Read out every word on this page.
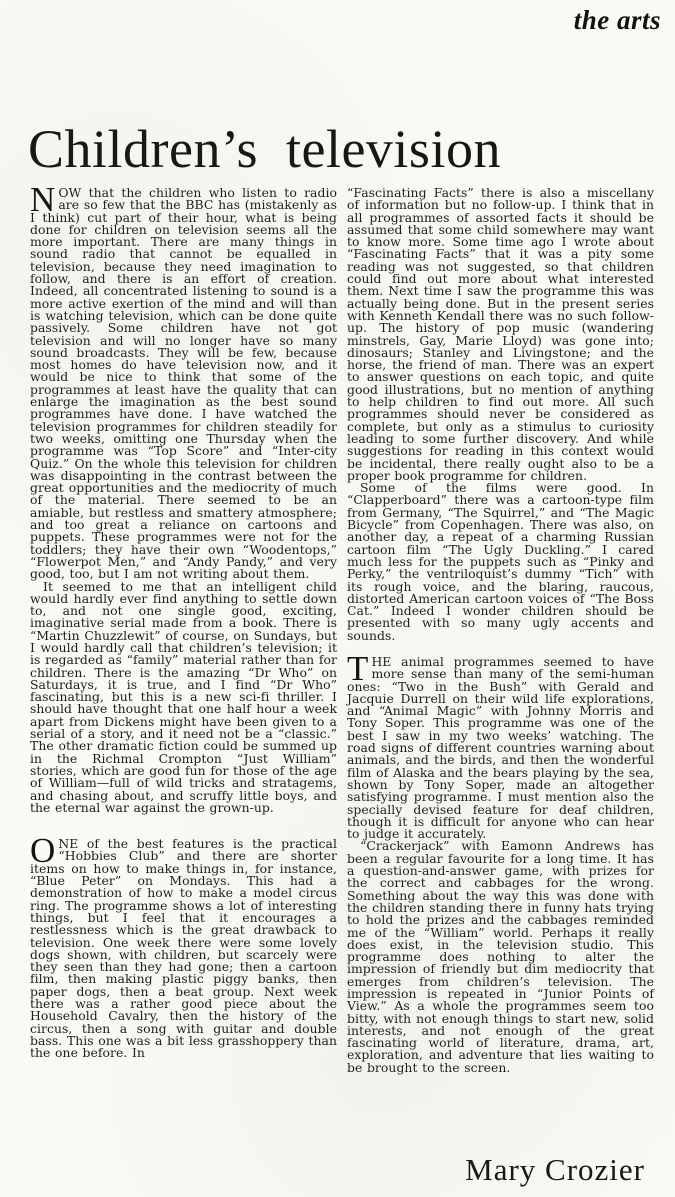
the arts
Children’s television

NOW that the children who listen to radio are so few that the BBC has (mistakenly as I think) cut part of their hour, what is being done for children on television seems all the more important. There are many things in sound radio that cannot be equalled in television, because they need imagination to follow, and there is an effort of creation. Indeed, all concentrated listening to sound is a more active exertion of the mind and will than is watching television, which can be done quite passively. Some children have not got television and will no longer have so many sound broadcasts. They will be few, because most homes do have television now, and it would be nice to think that some of the programmes at least have the quality that can enlarge the imagination as the best sound programmes have done. I have watched the television programmes for children steadily for two weeks, omitting one Thursday when the programme was “Top Score” and “Inter-city Quiz.” On the whole this television for children was disappointing in the contrast between the great opportunities and the mediocrity of much of the material. There seemed to be an amiable, but restless and smattery atmosphere; and too great a reliance on cartoons and puppets. These programmes were not for the toddlers; they have their own “Woodentops,” “Flowerpot Men,” and “Andy Pandy,” and very good, too, but I am not writing about them.

It seemed to me that an intelligent child would hardly ever find anything to settle down to, and not one single good, exciting, imaginative serial made from a book. There is “Martin Chuzzlewit” of course, on Sundays, but I would hardly call that children’s television; it is regarded as “family” material rather than for children. There is the amazing “Dr Who” on Saturdays, it is true, and I find “Dr Who” fascinating, but this is a new sci-fi thriller. I should have thought that one half hour a week apart from Dickens might have been given to a serial of a story, and it need not be a “classic.” The other dramatic fiction could be summed up in the Richmal Crompton “Just William” stories, which are good fun for those of the age of William—full of wild tricks and stratagems, and chasing about, and scruffy little boys, and the eternal war against the grown-up.

ONE of the best features is the practical “Hobbies Club” and there are shorter items on how to make things in, for instance, “Blue Peter” on Mondays. This had a demonstration of how to make a model circus ring. The programme shows a lot of interesting things, but I feel that it encourages a restlessness which is the great drawback to television. One week there were some lovely dogs shown, with children, but scarcely were they seen than they had gone; then a cartoon film, then making plastic piggy banks, then paper dogs, then a beat group. Next week there was a rather good piece about the Household Cavalry, then the history of the circus, then a song with guitar and double bass. This one was a bit less grasshoppery than the one before. In

“Fascinating Facts” there is also a miscellany of information but no follow-up. I think that in all programmes of assorted facts it should be assumed that some child somewhere may want to know more. Some time ago I wrote about “Fascinating Facts” that it was a pity some reading was not suggested, so that children could find out more about what interested them. Next time I saw the programme this was actually being done. But in the present series with Kenneth Kendall there was no such follow-up. The history of pop music (wandering minstrels, Gay, Marie Lloyd) was gone into; dinosaurs; Stanley and Livingstone; and the horse, the friend of man. There was an expert to answer questions on each topic, and quite good illustrations, but no mention of anything to help children to find out more. All such programmes should never be considered as complete, but only as a stimulus to curiosity leading to some further discovery. And while suggestions for reading in this context would be incidental, there really ought also to be a proper book programme for children.

Some of the films were good. In “Clapperboard” there was a cartoon-type film from Germany, “The Squirrel,” and “The Magic Bicycle” from Copenhagen. There was also, on another day, a repeat of a charming Russian cartoon film “The Ugly Duckling.” I cared much less for the puppets such as “Pinky and Perky,” the ventriloquist’s dummy “Tich” with its rough voice, and the blaring, raucous, distorted American cartoon voices of “The Boss Cat.” Indeed I wonder children should be presented with so many ugly accents and sounds.

THE animal programmes seemed to have more sense than many of the semi-human ones: “Two in the Bush” with Gerald and Jacquie Durrell on their wild life explorations, and “Animal Magic” with Johnny Morris and Tony Soper. This programme was one of the best I saw in my two weeks’ watching. The road signs of different countries warning about animals, and the birds, and then the wonderful film of Alaska and the bears playing by the sea, shown by Tony Soper, made an altogether satisfying programme. I must mention also the specially devised feature for deaf children, though it is difficult for anyone who can hear to judge it accurately.

“Crackerjack” with Eamonn Andrews has been a regular favourite for a long time. It has a question-and-answer game, with prizes for the correct and cabbages for the wrong. Something about the way this was done with the children standing there in funny hats trying to hold the prizes and the cabbages reminded me of the “William” world. Perhaps it really does exist, in the television studio. This programme does nothing to alter the impression of friendly but dim mediocrity that emerges from children’s television. The impression is repeated in “Junior Points of View.” As a whole the programmes seem too bitty, with not enough things to start new, solid interests, and not enough of the great fascinating world of literature, drama, art, exploration, and adventure that lies waiting to be brought to the screen.

Mary Crozier
